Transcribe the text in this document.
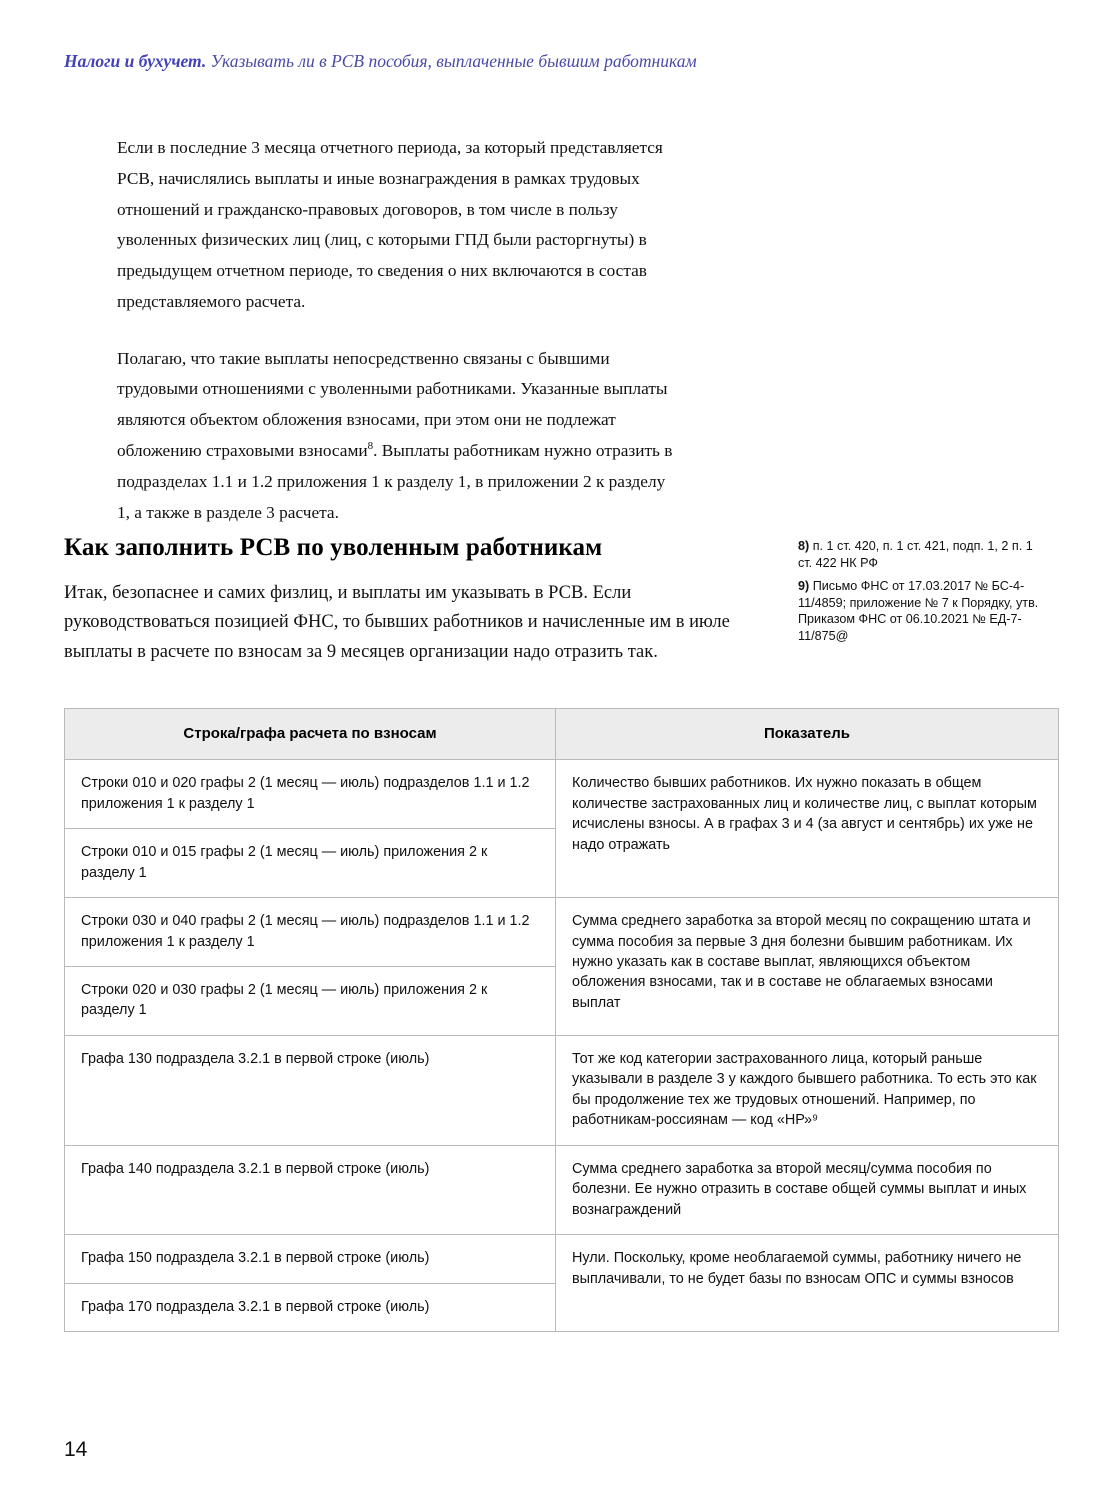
Налоги и бухучет. Указывать ли в РСВ пособия, выплаченные бывшим работникам

Если в последние 3 месяца отчетного периода, за который представляется РСВ, начислялись выплаты и иные вознаграждения в рамках трудовых отношений и гражданско-правовых договоров, в том числе в пользу уволенных физических лиц (лиц, с которыми ГПД были расторгнуты) в предыдущем отчетном периоде, то сведения о них включаются в состав представляемого расчета.

Полагаю, что такие выплаты непосредственно связаны с бывшими трудовыми отношениями с уволенными работниками. Указанные выплаты являются объектом обложения взносами, при этом они не подлежат обложению страховыми взносами$^8$. Выплаты работникам нужно отразить в подразделах 1.1 и 1.2 приложения 1 к разделу 1, в приложении 2 к разделу 1, а также в разделе 3 расчета.

Как заполнить РСВ по уволенным работникам

Итак, безопаснее и самих физлиц, и выплаты им указывать в РСВ. Если руководствоваться позицией ФНС, то бывших работников и начисленные им в июле выплаты в расчете по взносам за 9 месяцев организации надо отразить так.

8) п. 1 ст. 420, п. 1 ст. 421, подп. 1, 2 п. 1 ст. 422 НК РФ
9) Письмо ФНС от 17.03.2017 № БС-4-11/4859; приложение № 7 к Порядку, утв. Приказом ФНС от 06.10.2021 № ЕД-7-11/875@
Строка/графа расчета по взносам	Показатель
Строки 010 и 020 графы 2 (1 месяц — июль) подразделов 1.1 и 1.2 приложения 1 к разделу 1	Количество бывших работников. Их нужно показать в общем количестве застрахованных лиц и количестве лиц, с выплат которым исчислены взносы. А в графах 3 и 4 (за август и сентябрь) их уже не надо отражать
Строки 010 и 015 графы 2 (1 месяц — июль) приложения 2 к разделу 1	
Строки 030 и 040 графы 2 (1 месяц — июль) подразделов 1.1 и 1.2 приложения 1 к разделу 1	Сумма среднего заработка за второй месяц по сокращению штата и сумма пособия за первые 3 дня болезни бывшим работникам. Их нужно указать как в составе выплат, являющихся объектом обложения взносами, так и в составе не облагаемых взносами выплат
Строки 020 и 030 графы 2 (1 месяц — июль) приложения 2 к разделу 1	
Графа 130 подраздела 3.2.1 в первой строке (июль)	Тот же код категории застрахованного лица, который раньше указывали в разделе 3 у каждого бывшего работника. То есть это как бы продолжение тех же трудовых отношений. Например, по работникам-россиянам — код «НР»⁹
Графа 140 подраздела 3.2.1 в первой строке (июль)	Сумма среднего заработка за второй месяц/сумма пособия по болезни. Ее нужно отразить в составе общей суммы выплат и иных вознаграждений
Графа 150 подраздела 3.2.1 в первой строке (июль)	Нули. Поскольку, кроме необлагаемой суммы, работнику ничего не выплачивали, то не будет базы по взносам ОПС и суммы взносов
Графа 170 подраздела 3.2.1 в первой строке (июль)	
14
